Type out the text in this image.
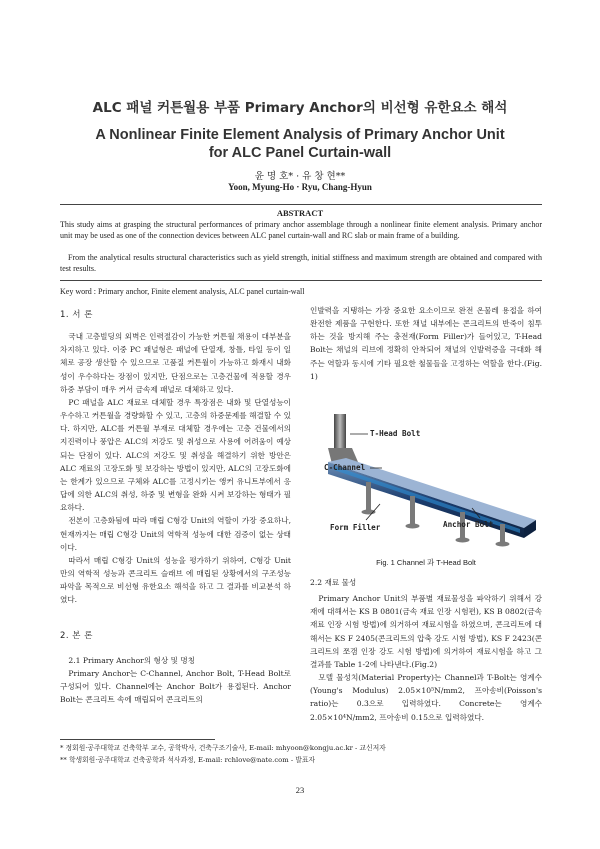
ALC 패널 커튼월용 부품 Primary Anchor의 비선형 유한요소 해석
A Nonlinear Finite Element Analysis of Primary Anchor Unit
for ALC Panel Curtain-wall
윤 명 호* · 유 창 현**
Yoon, Myung-Ho · Ryu, Chang-Hyun
ABSTRACT

This study aims at grasping the structural performances of primary anchor assemblage through a nonlinear finite element analysis. Primary anchor unit may be used as one of the connection devices between ALC panel curtain-wall and RC slab or main frame of a building.

From the analytical results structural characteristics such as yield strength, initial stiffness and maximum strength are obtained and compared with test results.

Key word : Primary anchor, Finite element analysis, ALC panel curtain-wall
1. 서 론

국내 고층빌딩의 외벽은 인력절감이 가능한 커튼월 채용이 대부분을 차지하고 있다. 이중 PC 패널형은 패널에 단열재, 창틀, 타일 등이 일체로 공장 생산할 수 있으므로 고품질 커튼월이 가능하고 화재시 내화성이 우수하다는 장점이 있지만, 단점으로는 고층건물에 적용할 경우 하중 부담이 매우 커서 금속제 패널로 대체하고 있다.

PC 패널을 ALC 재료로 대체할 경우 특장점은 내화 및 단열성능이 우수하고 커튼월을 경량화할 수 있고, 고층의 하중문제를 해결할 수 있다. 하지만, ALC를 커튼월 부재로 대체할 경우에는 고층 건물에서의 지진력이나 풍압은 ALC의 저강도 및 취성으로 사용에 어려움이 예상되는 단점이 있다. ALC의 저강도 및 취성을 해결하기 위한 방안은 ALC 재료의 고장도화 및 보강하는 방법이 있지만, ALC의 고장도화에는 한계가 있으므로 구체와 ALC를 고정시키는 앵커 유니트부에서 응답에 의한 ALC의 취성, 하중 및 변형을 완화 시켜 보강하는 형태가 필요하다.

전본이 고층화됨에 따라 매립 C형강 Unit의 역할이 가장 중요하나, 현재까지는 매립 C형강 Unit의 역학적 성능에 대한 검증이 없는 상태이다.

따라서 매립 C형강 Unit의 성능을 평가하기 위하여, C형강 Unit 만의 역학적 성능과 콘크리트 슬래브 에 매립된 상황에서의 구조성능 파악을 목적으로 비선형 유한요소 해석을 하고 그 결과를 비교분석 하였다.

2. 본 론
2.1 Primary Anchor의 형상 및 명칭

Primary Anchor는 C-Channel, Anchor Bolt, T-Head Bolt로 구성되어 있다. Channel에는 Anchor Bolt가 용접된다. Anchor Bolt는 콘크리트 속에 매립되어 콘크리트의

인발력을 지탱하는 가장 중요한 요소이므로 완전 온물레 용접을 하여 완전한 제품을 구현한다. 또한 채널 내부에는 콘크리트의 반죽이 침투하는 것을 방지해 주는 충전재(Form Filler)가 들어있고, T-Head Bolt는 채널의 리브에 정확히 안착되어 채널의 인발력증을 극대화 해주는 역할과 동시에 기타 필요한 철물들을 고정하는 역할을 한다.(Fig. 1)

T-Head Bolt
C-Channel
Form Filler	Anchor Bolt
Fig. 1 Channel 과 T-Head Bolt
2.2 재료 물성

Primary Anchor Unit의 부품별 재료물성을 파악하기 위해서 강재에 대해서는 KS B 0801(금속 재료 인장 시험편), KS B 0802(금속 재료 인장 시험 방법)에 의거하여 재료시험을 하였으며, 콘크리트에 대해서는 KS F 2405(콘크리트의 압축 강도 시험 방법), KS F 2423(콘크리트의 쪼갬 인장 강도 시험 방법)에 의거하여 재료시험을 하고 그 결과를 Table 1-2에 나타낸다.(Fig.2)

모델 물성치(Material Property)는 Channel과 T-Bolt는 영계수(Young's Modulus) 2.05×10⁵N/mm2, 프아송비(Poisson's ratio)는 0.3으로 입력하였다. Concrete는 영계수 2.05×10⁴N/mm2, 프아송비 0.15으로 입력하였다.

* 정회원·공주대학교 건축학부 교수, 공학박사, 건축구조기술사, E-mail: mhyoon@kongju.ac.kr - 교신저자
** 학생회원·공주대학교 건축공학과 석사과정, E-mail: rchlove@nate.com - 발표자
23
